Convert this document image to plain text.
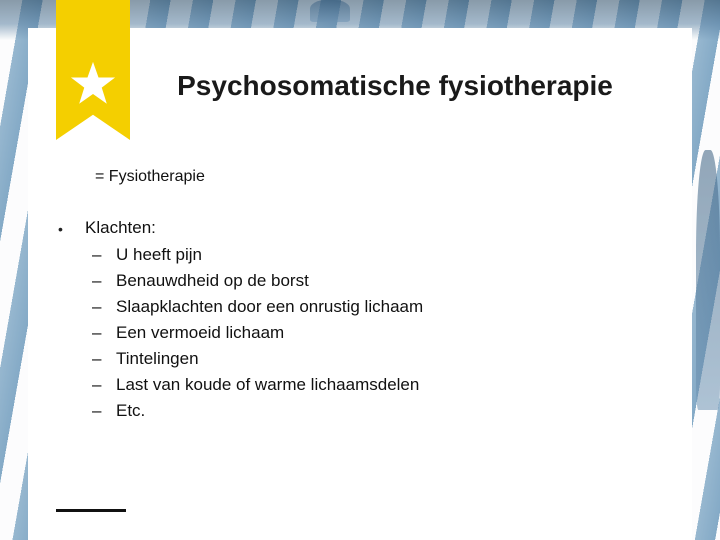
Psychosomatische fysiotherapie
= Fysiotherapie
• Klachten:
– U heeft pijn
– Benauwdheid op de borst
– Slaapklachten door een onrustig lichaam
– Een vermoeid lichaam
– Tintelingen
– Last van koude of warme lichaamsdelen
– Etc.
